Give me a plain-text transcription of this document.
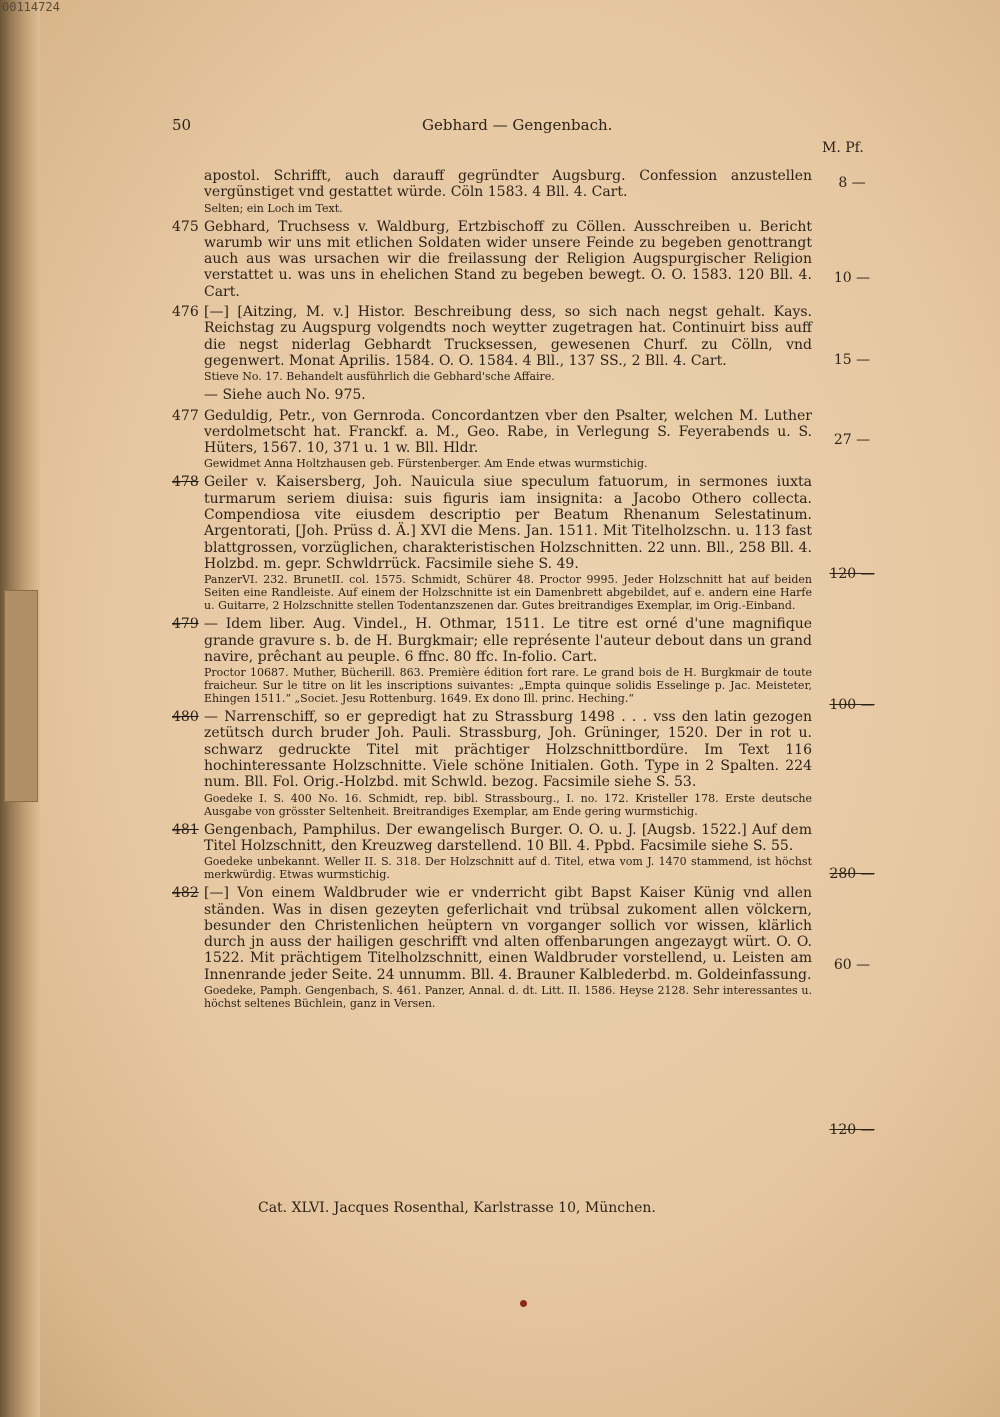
00114724
50	Gebhard — Gengenbach.
M. Pf.
apostol. Schrifft, auch darauff gegründter Augsburg. Confession anzustellen vergünstiget vnd gestattet würde. Cöln 1583. 4 Bll. 4. Cart.
Selten; ein Loch im Text.
475 Gebhard, Truchsess v. Waldburg, Ertzbischoff zu Cöllen. Ausschreiben u. Bericht warumb wir uns mit etlichen Soldaten wider unsere Feinde zu begeben genottrangt auch aus was ursachen wir die freilassung der Religion Augspurgischer Religion verstattet u. was uns in ehelichen Stand zu begeben bewegt. O. O. 1583. 120 Bll. 4. Cart.
476 [—] [Aitzing, M. v.] Histor. Beschreibung dess, so sich nach negst gehalt. Kays. Reichstag zu Augspurg volgendts noch weytter zugetragen hat. Continuirt biss auff die negst niderlag Gebhardt Trucksessen, gewesenen Churf. zu Cölln, vnd gegenwert. Monat Aprilis. 1584. O. O. 1584. 4 Bll., 137 SS., 2 Bll. 4. Cart.
Stieve No. 17. Behandelt ausführlich die Gebhard'sche Affaire.
— Siehe auch No. 975.
477 Geduldig, Petr., von Gernroda. Concordantzen vber den Psalter, welchen M. Luther verdolmetscht hat. Franckf. a. M., Geo. Rabe, in Verlegung S. Feyerabends u. S. Hüters, 1567. 10, 371 u. 1 w. Bll. Hldr.
Gewidmet Anna Holtzhausen geb. Fürstenberger. Am Ende etwas wurmstichig.
478 Geiler v. Kaisersberg, Joh. Nauicula siue speculum fatuorum, in sermones iuxta turmarum seriem diuisa: suis figuris iam insignita: a Jacobo Othero collecta. Compendiosa vite eiusdem descriptio per Beatum Rhenanum Selestatinum. Argentorati, [Joh. Prüss d. Ä.] XVI die Mens. Jan. 1511. Mit Titelholzschn. u. 113 fast blattgrossen, vorzüglichen, charakteristischen Holzschnitten. 22 unn. Bll., 258 Bll. 4. Holzbd. m. gepr. Schwldrrück. Facsimile siehe S. 49.
PanzerVI. 232. BrunetII. col. 1575. Schmidt, Schürer 48. Proctor 9995. Jeder Holzschnitt hat auf beiden Seiten eine Randleiste. Auf einem der Holzschnitte ist ein Damenbrett abgebildet, auf e. andern eine Harfe u. Guitarre, 2 Holzschnitte stellen Todentanzszenen dar. Gutes breitrandiges Exemplar, im Orig.-Einband.
479 — Idem liber. Aug. Vindel., H. Othmar, 1511. Le titre est orné d'une magnifique grande gravure s. b. de H. Burgkmair; elle représente l'auteur debout dans un grand navire, prêchant au peuple. 6 ffnc. 80 ffc. In-folio. Cart.
Proctor 10687. Muther, Bücherill. 863. Première édition fort rare. Le grand bois de H. Burgkmair de toute fraicheur. Sur le titre on lit les inscriptions suivantes: „Empta quinque solidis Esselinge p. Jac. Meisteter, Ehingen 1511.“ „Societ. Jesu Rottenburg. 1649. Ex dono Ill. princ. Heching.“
480 — Narrenschiff, so er gepredigt hat zu Strassburg 1498 . . . vss den latin gezogen zetütsch durch bruder Joh. Pauli. Strassburg, Joh. Grüninger, 1520. Der in rot u. schwarz gedruckte Titel mit prächtiger Holzschnittbordüre. Im Text 116 hochinteressante Holzschnitte. Viele schöne Initialen. Goth. Type in 2 Spalten. 224 num. Bll. Fol. Orig.-Holzbd. mit Schwld. bezog. Facsimile siehe S. 53.
Goedeke I. S. 400 No. 16. Schmidt, rep. bibl. Strassbourg., I. no. 172. Kristeller 178. Erste deutsche Ausgabe von grösster Seltenheit. Breitrandiges Exemplar, am Ende gering wurmstichig.
481 Gengenbach, Pamphilus. Der ewangelisch Burger. O. O. u. J. [Augsb. 1522.] Auf dem Titel Holzschnitt, den Kreuzweg darstellend. 10 Bll. 4. Ppbd. Facsimile siehe S. 55.
Goedeke unbekannt. Weller II. S. 318. Der Holzschnitt auf d. Titel, etwa vom J. 1470 stammend, ist höchst merkwürdig. Etwas wurmstichig.
482 [—] Von einem Waldbruder wie er vnderricht gibt Bapst Kaiser Künig vnd allen ständen. Was in disen gezeyten geferlichait vnd trübsal zukoment allen völckern, besunder den Christenlichen heüptern vn vorganger sollich vor wissen, klärlich durch jn auss der hailigen geschrifft vnd alten offenbarungen angezaygt würt. O. O. 1522. Mit prächtigem Titelholzschnitt, einen Waldbruder vorstellend, u. Leisten am Innenrande jeder Seite. 24 unnumm. Bll. 4. Brauner Kalblederbd. m. Goldeinfassung.
Goedeke, Pamph. Gengenbach, S. 461. Panzer, Annal. d. dt. Litt. II. 1586. Heyse 2128. Sehr interessantes u. höchst seltenes Büchlein, ganz in Versen.
8 —
10 —
15 —
27 —
120 —
100 —
280 —
60 —
120 —
Cat. XLVI. Jacques Rosenthal, Karlstrasse 10, München.
